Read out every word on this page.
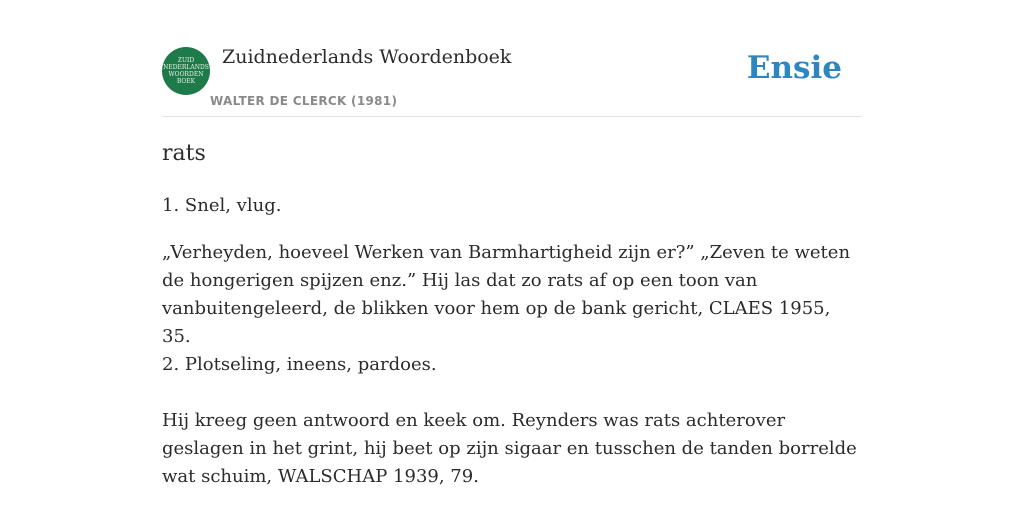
ZUID
NEDERLANDS
WOORDEN
BOEK
Zuidnederlands Woordenboek
WALTER DE CLERCK (1981)
Ensie
rats

1. Snel, vlug.

„Verheyden, hoeveel Werken van Barmhartigheid zijn er?” „Zeven te weten de hongerigen spijzen enz.” Hij las dat zo rats af op een toon van vanbuitengeleerd, de blikken voor hem op de bank gericht, CLAES 1955, 35.

2. Plotseling, ineens, pardoes.

Hij kreeg geen antwoord en keek om. Reynders was rats achterover geslagen in het grint, hij beet op zijn sigaar en tusschen de tanden borrelde wat schuim, WALSCHAP 1939, 79.
